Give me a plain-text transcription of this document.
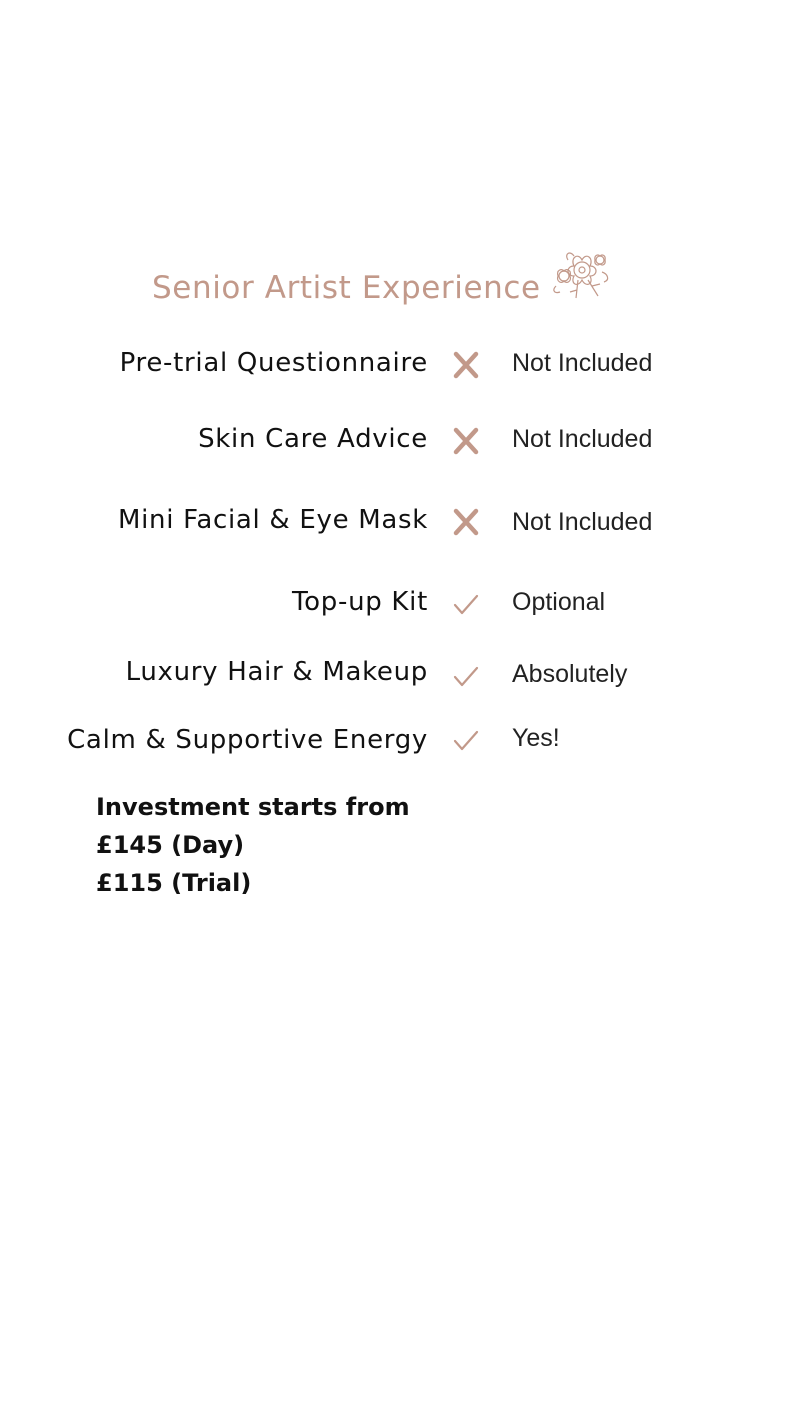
Senior Artist Experience
Pre-trial Questionnaire	Not Included
Skin Care Advice	Not Included
Mini Facial & Eye Mask	Not Included
Top-up Kit	Optional
Luxury Hair & Makeup	Absolutely
Calm & Supportive Energy	Yes!
Investment starts from
£145 (Day)
£115 (Trial)
